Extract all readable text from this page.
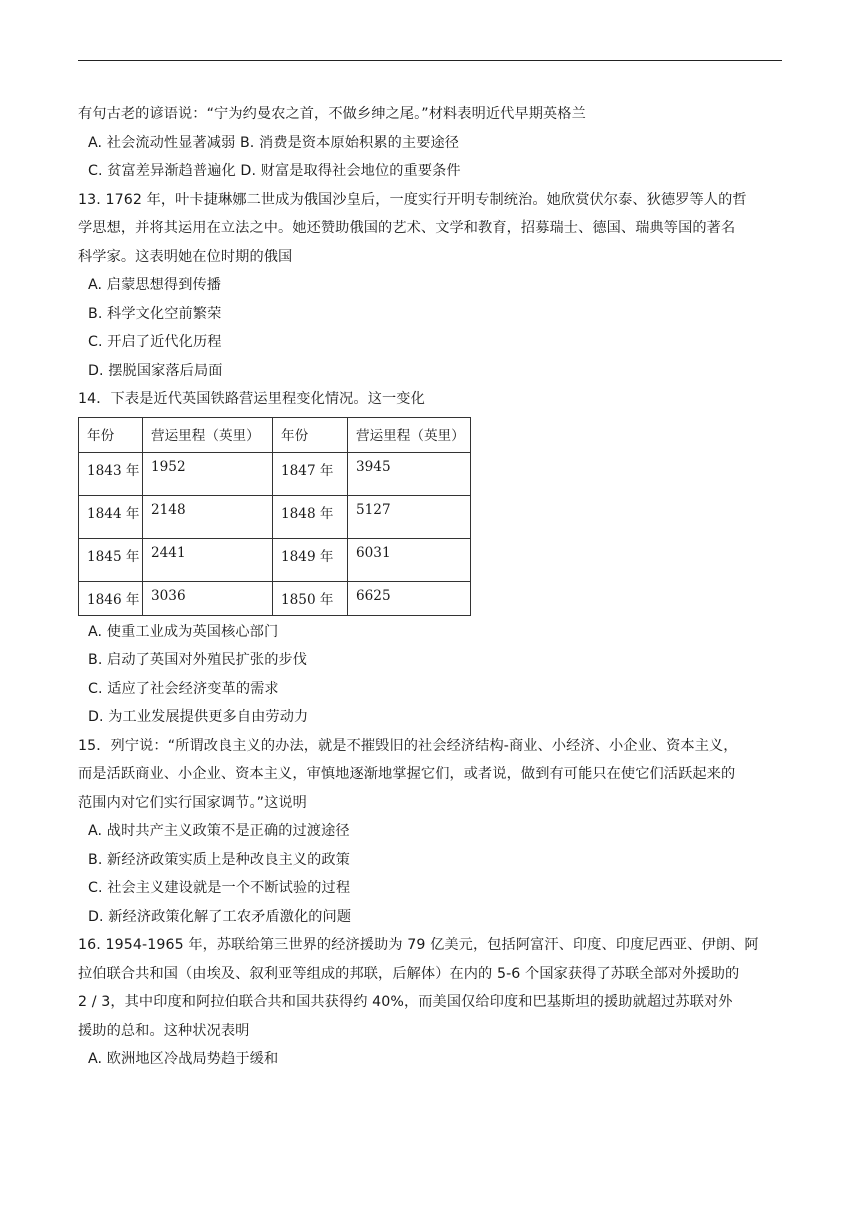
有句古老的谚语说：“宁为约曼农之首，不做乡绅之尾。”材料表明近代早期英格兰
A. 社会流动性显著减弱 B. 消费是资本原始积累的主要途径
C. 贫富差异渐趋普遍化 D. 财富是取得社会地位的重要条件
13. 1762 年，叶卡捷琳娜二世成为俄国沙皇后，一度实行开明专制统治。她欣赏伏尔泰、狄德罗等人的哲
学思想，并将其运用在立法之中。她还赞助俄国的艺术、文学和教育，招募瑞士、德国、瑞典等国的著名
科学家。这表明她在位时期的俄国
A. 启蒙思想得到传播
B. 科学文化空前繁荣
C. 开启了近代化历程
D. 摆脱国家落后局面
14．下表是近代英国铁路营运里程变化情况。这一变化
年份	营运里程（英里）	年份	营运里程（英里）
1843 年	1952	1847 年	3945
1844 年	2148	1848 年	5127
1845 年	2441	1849 年	6031
1846 年	3036	1850 年	6625
A. 使重工业成为英国核心部门
B. 启动了英国对外殖民扩张的步伐
C. 适应了社会经济变革的需求
D. 为工业发展提供更多自由劳动力
15．列宁说：“所谓改良主义的办法，就是不摧毁旧的社会经济结构-商业、小经济、小企业、资本主义，
而是活跃商业、小企业、资本主义，审慎地逐渐地掌握它们，或者说，做到有可能只在使它们活跃起来的
范围内对它们实行国家调节。”这说明
A. 战时共产主义政策不是正确的过渡途径
B. 新经济政策实质上是种改良主义的政策
C. 社会主义建设就是一个不断试验的过程
D. 新经济政策化解了工农矛盾激化的问题
16. 1954-1965 年，苏联给第三世界的经济援助为 79 亿美元，包括阿富汗、印度、印度尼西亚、伊朗、阿
拉伯联合共和国（由埃及、叙利亚等组成的邦联，后解体）在内的 5-6 个国家获得了苏联全部对外援助的
2 / 3，其中印度和阿拉伯联合共和国共获得约 40%，而美国仅给印度和巴基斯坦的援助就超过苏联对外
援助的总和。这种状况表明
A. 欧洲地区冷战局势趋于缓和
